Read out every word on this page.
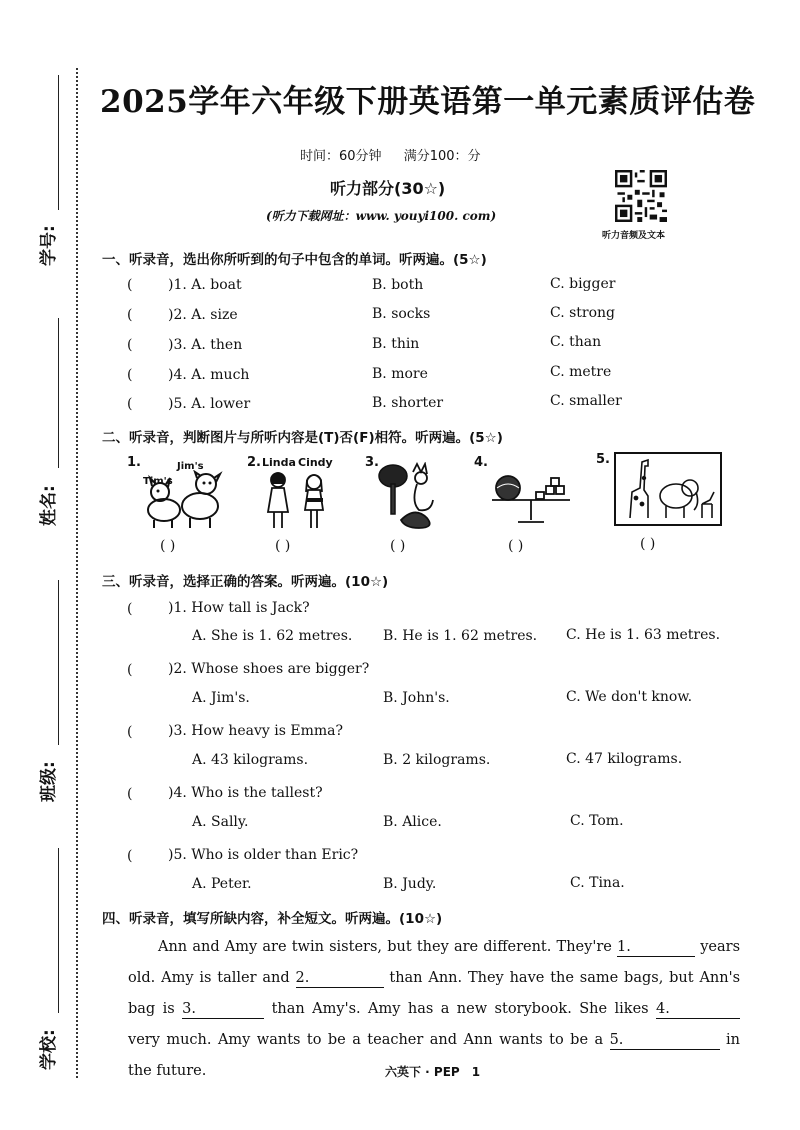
学号:
姓名:
班级:
学校:
2025学年六年级下册英语第一单元素质评估卷
时间：60分钟 满分100：分
听力部分(30☆)
(听力下载网址：www. youyi100. com)
听力音频及文本
一、听录音，选出你所听到的句子中包含的单词。听两遍。(5☆)
(	)1. A. boat	B. both	C. bigger
(	)2. A. size	B. socks	C. strong
(	)3. A. then	B. thin	C. than
(	)4. A. much	B. more	C. metre
(	)5. A. lower	B. shorter	C. smaller
二、听录音，判断图片与所听内容是(T)否(F)相符。听两遍。(5☆)
1.	Jim's
Tim's
( )
2. Linda Cindy
( )
3.
( )
4.
( )
5.
( )
三、听录音，选择正确的答案。听两遍。(10☆)
(	)1. How tall is Jack?
A. She is 1. 62 metres. B. He is 1. 62 metres. C. He is 1. 63 metres.
(	)2. Whose shoes are bigger?
A. Jim's.	B. John's.	C. We don't know.
(	)3. How heavy is Emma?
A. 43 kilograms.	B. 2 kilograms.	C. 47 kilograms.
(	)4. Who is the tallest?
A. Sally.	B. Alice.	C. Tom.
(	)5. Who is older than Eric?
A. Peter.	B. Judy.	C. Tina.
四、听录音，填写所缺内容，补全短文。听两遍。(10☆)

Ann and Amy are twin sisters, but they are different. They're 1.	years old. Amy is taller and 2.	than Ann. They have the same bags, but Ann's bag is 3.	than Amy's. Amy has a new storybook. She likes 4. very much. Amy wants to be a teacher and Ann wants to be a 5.	in the future.	六英下 · PEP　1
